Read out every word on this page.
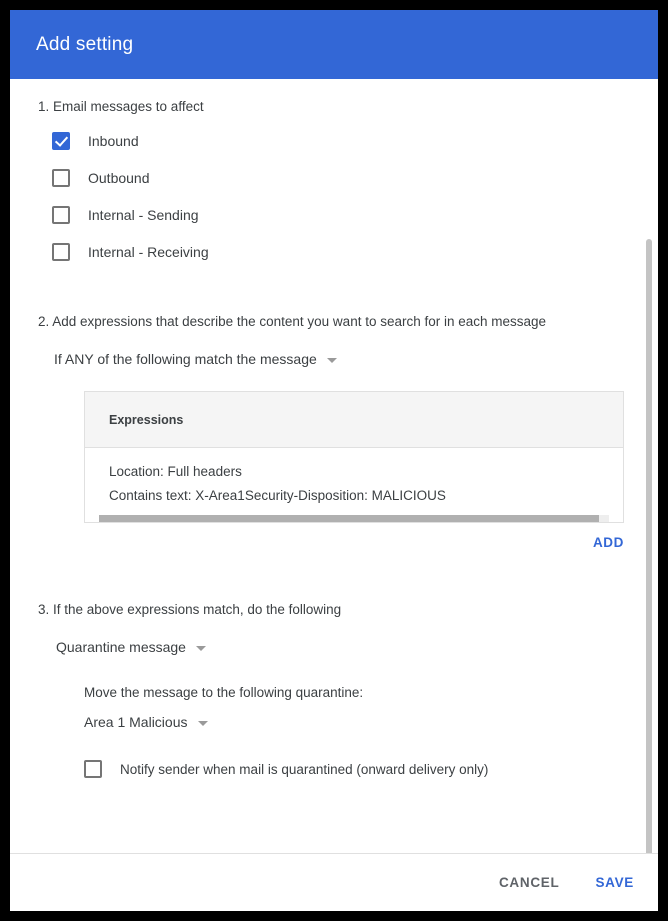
Add setting
1. Email messages to affect
Inbound
Outbound
Internal - Sending
Internal - Receiving
2. Add expressions that describe the content you want to search for in each message
If ANY of the following match the message
Expressions
Location: Full headers
Contains text: X-Area1Security-Disposition: MALICIOUS
ADD
3. If the above expressions match, do the following
Quarantine message
Move the message to the following quarantine:
Area 1 Malicious
Notify sender when mail is quarantined (onward delivery only)
CANCEL	SAVE
